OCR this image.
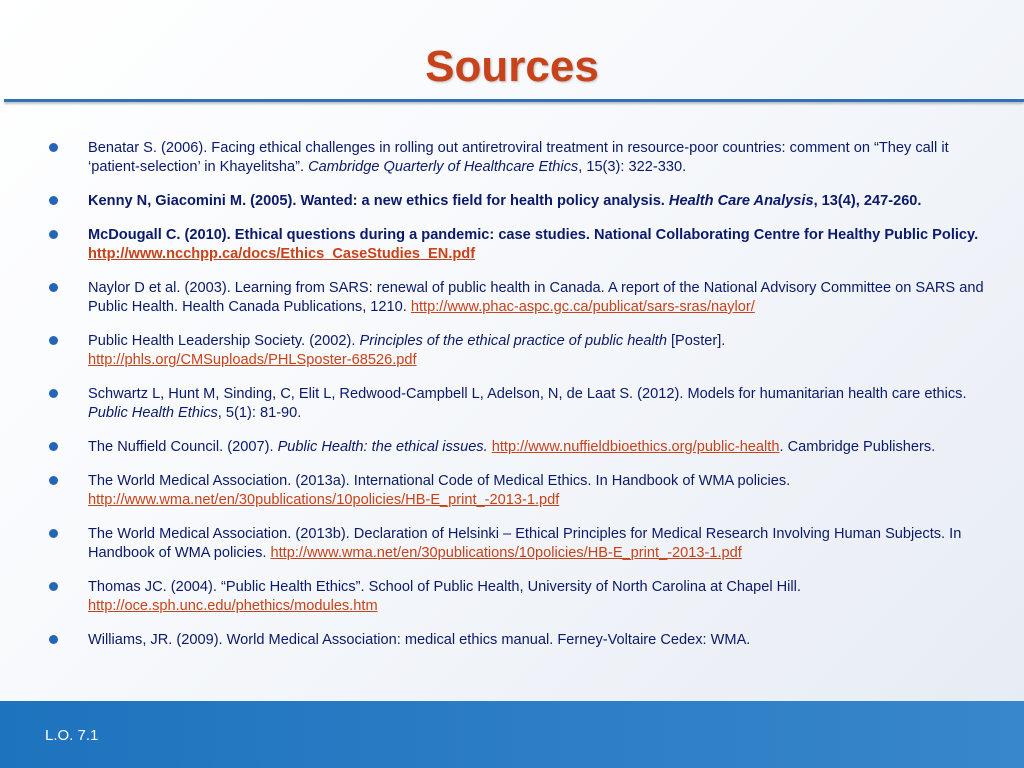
Sources
Benatar S. (2006). Facing ethical challenges in rolling out antiretroviral treatment in resource-poor countries: comment on “They call it ‘patient-selection’ in Khayelitsha”. Cambridge Quarterly of Healthcare Ethics, 15(3): 322-330.
Kenny N, Giacomini M. (2005). Wanted: a new ethics field for health policy analysis. Health Care Analysis, 13(4), 247-260.
McDougall C. (2010). Ethical questions during a pandemic: case studies. National Collaborating Centre for Healthy Public Policy. http://www.ncchpp.ca/docs/Ethics_CaseStudies_EN.pdf
Naylor D et al. (2003). Learning from SARS: renewal of public health in Canada. A report of the National Advisory Committee on SARS and Public Health. Health Canada Publications, 1210. http://www.phac-aspc.gc.ca/publicat/sars-sras/naylor/
Public Health Leadership Society. (2002). Principles of the ethical practice of public health [Poster]. http://phls.org/CMSuploads/PHLSposter-68526.pdf
Schwartz L, Hunt M, Sinding, C, Elit L, Redwood-Campbell L, Adelson, N, de Laat S. (2012). Models for humanitarian health care ethics. Public Health Ethics, 5(1): 81-90.
The Nuffield Council. (2007). Public Health: the ethical issues. http://www.nuffieldbioethics.org/public-health. Cambridge Publishers.
The World Medical Association. (2013a). International Code of Medical Ethics. In Handbook of WMA policies. http://www.wma.net/en/30publications/10policies/HB-E_print_-2013-1.pdf
The World Medical Association. (2013b). Declaration of Helsinki – Ethical Principles for Medical Research Involving Human Subjects. In Handbook of WMA policies. http://www.wma.net/en/30publications/10policies/HB-E_print_-2013-1.pdf
Thomas JC. (2004). “Public Health Ethics”. School of Public Health, University of North Carolina at Chapel Hill. http://oce.sph.unc.edu/phethics/modules.htm
Williams, JR. (2009). World Medical Association: medical ethics manual. Ferney-Voltaire Cedex: WMA.
L.O. 7.1
